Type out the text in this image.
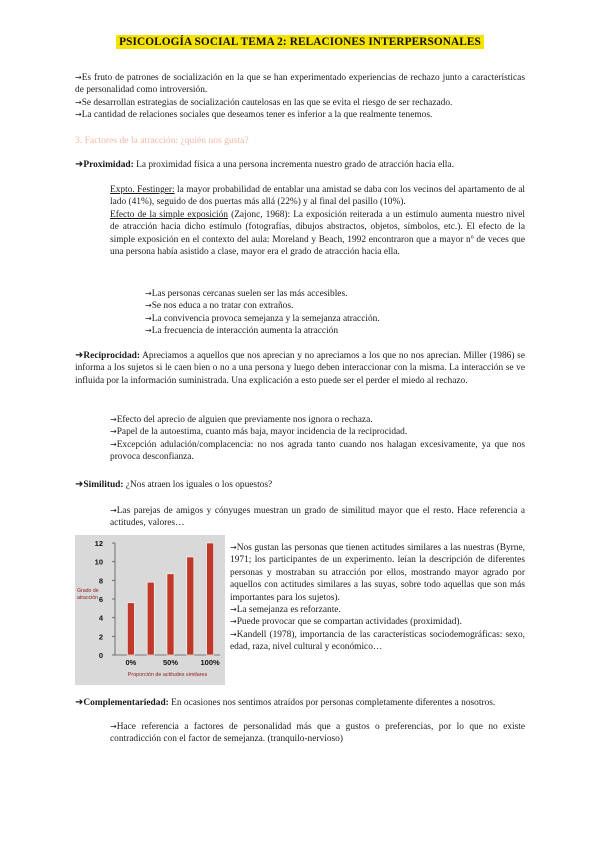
PSICOLOGÍA SOCIAL TEMA 2: RELACIONES INTERPERSONALES
→Es fruto de patrones de socialización en la que se han experimentado experiencias de rechazo junto a características de personalidad como introversión.
→Se desarrollan estrategias de socialización cautelosas en las que se evita el riesgo de ser rechazado.
→La cantidad de relaciones sociales que deseamos tener es inferior a la que realmente tenemos.
3. Factores de la atracción: ¿quién nos gusta?
➜Proximidad: La proximidad física a una persona incrementa nuestro grado de atracción hacia ella.
Expto. Festinger: la mayor probabilidad de entablar una amistad se daba con los vecinos del apartamento de al lado (41%), seguido de dos puertas más allá (22%) y al final del pasillo (10%).
Efecto de la simple exposición (Zajonc, 1968): La exposición reiterada a un estímulo aumenta nuestro nivel de atracción hacia dicho estímulo (fotografías, dibujos abstractos, objetos, símbolos, etc.). El efecto de la simple exposición en el contexto del aula: Moreland y Beach, 1992 encontraron que a mayor nº de veces que una persona había asistido a clase, mayor era el grado de atracción hacia ella.
→Las personas cercanas suelen ser las más accesibles.
→Se nos educa a no tratar con extraños.
→La convivencia provoca semejanza y la semejanza atracción.
→La frecuencia de interacción aumenta la atracción
➜Reciprocidad: Apreciamos a aquellos que nos aprecian y no apreciamos a los que no nos aprecian. Miller (1986) se informa a los sujetos si le caen bien o no a una persona y luego deben interaccionar con la misma. La interacción se ve influida por la información suministrada. Una explicación a esto puede ser el perder el miedo al rechazo.
→Efecto del aprecio de alguien que previamente nos ignora o rechaza.
→Papel de la autoestima, cuanto más baja, mayor incidencia de la reciprocidad.
→Excepción adulación/complacencia: no nos agrada tanto cuando nos halagan excesivamente, ya que nos provoca desconfianza.
➜Similitud: ¿Nos atraen los iguales o los opuestos?
→Las parejas de amigos y cónyuges muestran un grado de similitud mayor que el resto. Hace referencia a actitudes, valores…
0
2
4
6
8
10
12
0%	50%	100%
Grado de
atracción
Proporción de actitudes similares
→Nos gustan las personas que tienen actitudes similares a las nuestras (Byrne, 1971; los participantes de un experimento. leían la descripción de diferentes personas y mostraban su atracción por ellos, mostrando mayor agrado por aquellos con actitudes similares a las suyas, sobre todo aquellas que son más importantes para los sujetos).
→La semejanza es reforzante.
→Puede provocar que se compartan actividades (proximidad).
→Kandell (1978), importancia de las características sociodemográficas: sexo, edad, raza, nivel cultural y económico…
➜Complementariedad: En ocasiones nos sentimos atraídos por personas completamente diferentes a nosotros.
→Hace referencia a factores de personalidad más que a gustos o preferencias, por lo que no existe contradicción con el factor de semejanza. (tranquilo-nervioso)
